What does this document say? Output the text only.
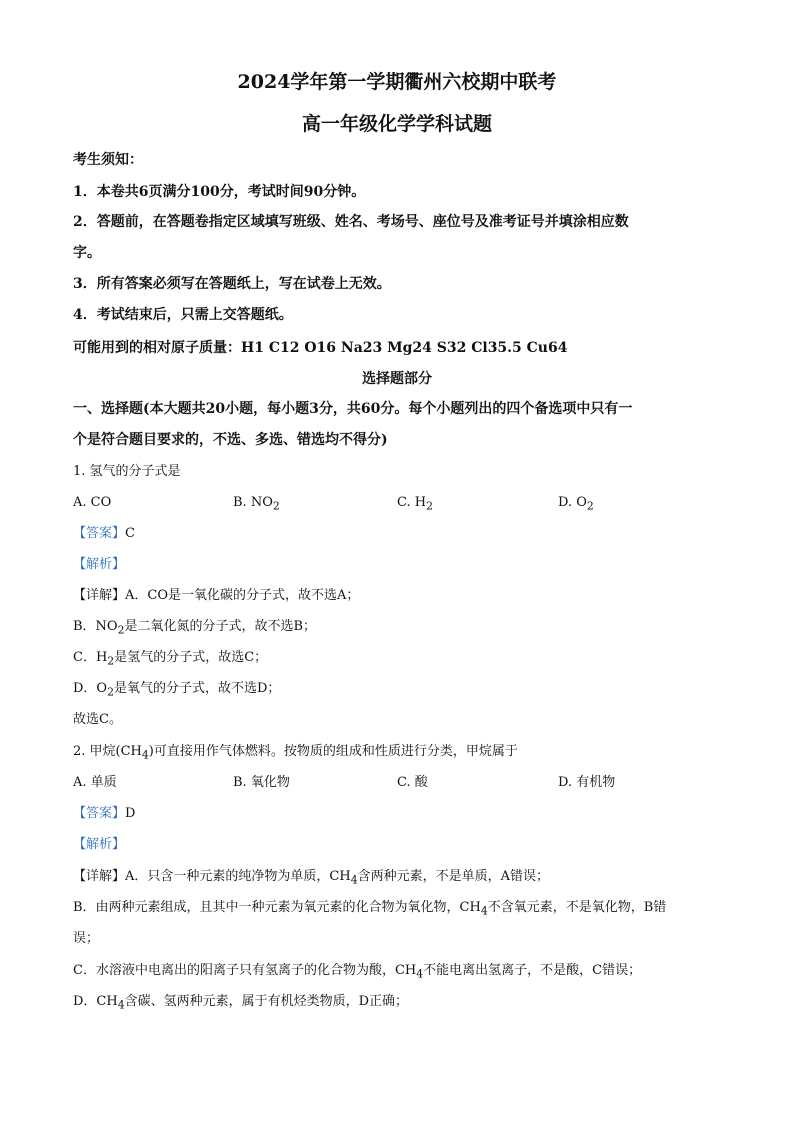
2024学年第一学期衢州六校期中联考
高一年级化学学科试题
考生须知：
1．本卷共6页满分100分，考试时间90分钟。
2．答题前，在答题卷指定区域填写班级、姓名、考场号、座位号及准考证号并填涂相应数
字。
3．所有答案必须写在答题纸上，写在试卷上无效。
4．考试结束后，只需上交答题纸。
可能用到的相对原子质量：H1 C12 O16 Na23 Mg24 S32 Cl35.5 Cu64
选择题部分
一、选择题(本大题共20小题，每小题3分，共60分。每个小题列出的四个备选项中只有一
个是符合题目要求的，不选、多选、错选均不得分)
1. 氢气的分子式是
A. CO	B. $NO_2$	C. $H_2$	D. $O_2$
【答案】C
【解析】
【详解】A．CO是一氧化碳的分子式，故不选A；
B．$NO_2$是二氧化氮的分子式，故不选B；
C．$H_2$是氢气的分子式，故选C；
D．$O_2$是氧气的分子式，故不选D；
故选C。
2. 甲烷$(CH_4)$可直接用作气体燃料。按物质的组成和性质进行分类，甲烷属于
A. 单质	B. 氧化物	C. 酸	D. 有机物
【答案】D
【解析】
【详解】A．只含一种元素的纯净物为单质，$CH_4$含两种元素，不是单质，A错误；
B．由两种元素组成，且其中一种元素为氧元素的化合物为氧化物，$CH_4$不含氧元素，不是氧化物，B错
误；
C．水溶液中电离出的阳离子只有氢离子的化合物为酸，$CH_4$不能电离出氢离子，不是酸，C错误；
D．$CH_4$含碳、氢两种元素，属于有机烃类物质，D正确；
